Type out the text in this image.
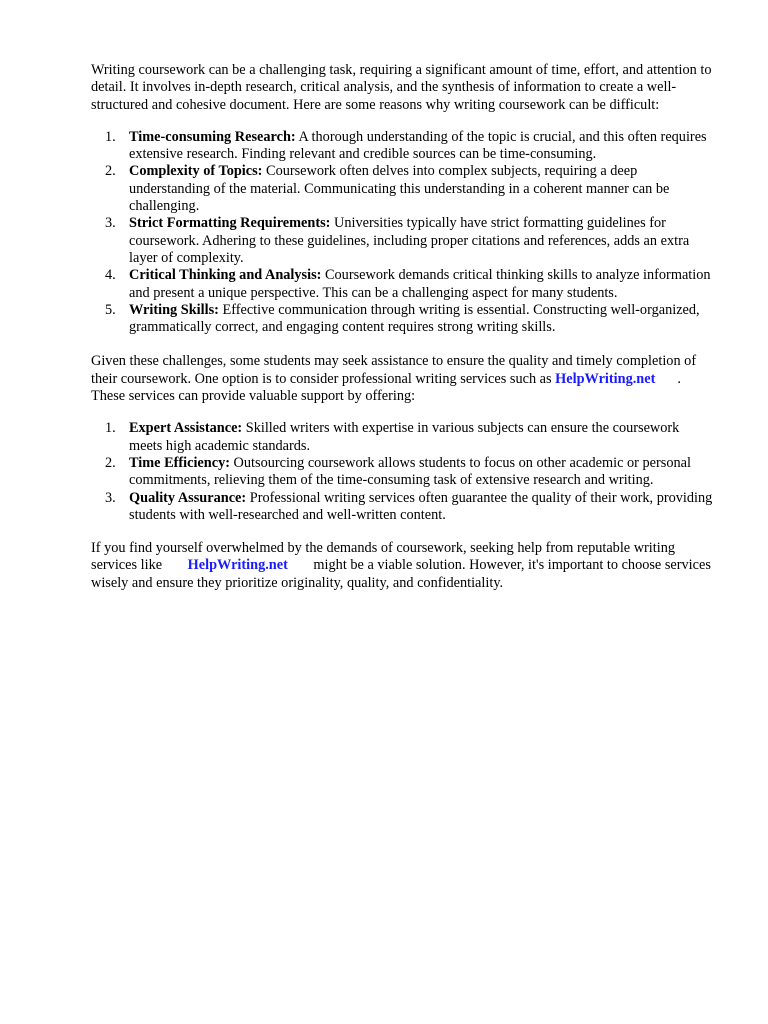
Writing coursework can be a challenging task, requiring a significant amount of time, effort, and attention to detail. It involves in-depth research, critical analysis, and the synthesis of information to create a well-structured and cohesive document. Here are some reasons why writing coursework can be difficult:

1. Time-consuming Research: A thorough understanding of the topic is crucial, and this often requires extensive research. Finding relevant and credible sources can be time-consuming.
2. Complexity of Topics: Coursework often delves into complex subjects, requiring a deep understanding of the material. Communicating this understanding in a coherent manner can be challenging.
3. Strict Formatting Requirements: Universities typically have strict formatting guidelines for coursework. Adhering to these guidelines, including proper citations and references, adds an extra layer of complexity.
4. Critical Thinking and Analysis: Coursework demands critical thinking skills to analyze information and present a unique perspective. This can be a challenging aspect for many students.
5. Writing Skills: Effective communication through writing is essential. Constructing well-organized, grammatically correct, and engaging content requires strong writing skills.

Given these challenges, some students may seek assistance to ensure the quality and timely completion of their coursework. One option is to consider professional writing services such as HelpWriting.net . These services can provide valuable support by offering:

1. Expert Assistance: Skilled writers with expertise in various subjects can ensure the coursework meets high academic standards.
2. Time Efficiency: Outsourcing coursework allows students to focus on other academic or personal commitments, relieving them of the time-consuming task of extensive research and writing.
3. Quality Assurance: Professional writing services often guarantee the quality of their work, providing students with well-researched and well-written content.

If you find yourself overwhelmed by the demands of coursework, seeking help from reputable writing services like HelpWriting.net might be a viable solution. However, it's important to choose services wisely and ensure they prioritize originality, quality, and confidentiality.
